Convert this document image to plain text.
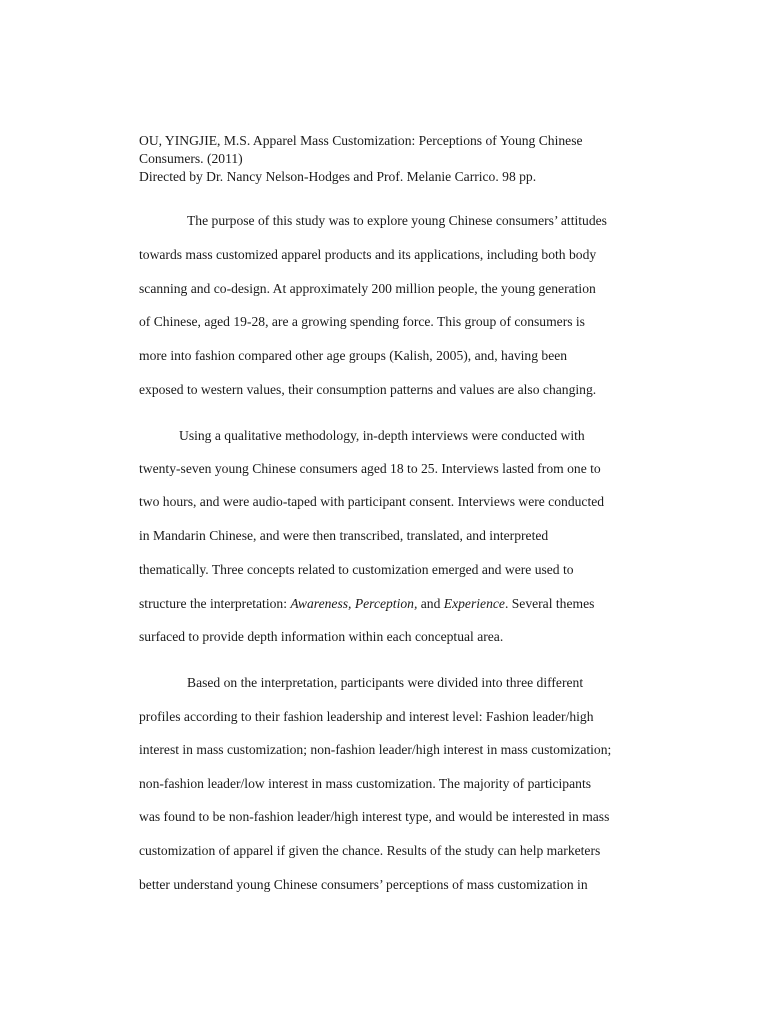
OU, YINGJIE, M.S. Apparel Mass Customization: Perceptions of Young Chinese
Consumers. (2011)
Directed by Dr. Nancy Nelson-Hodges and Prof. Melanie Carrico. 98 pp.
The purpose of this study was to explore young Chinese consumers’ attitudes
towards mass customized apparel products and its applications, including both body
scanning and co-design. At approximately 200 million people, the young generation
of Chinese, aged 19-28, are a growing spending force. This group of consumers is
more into fashion compared other age groups (Kalish, 2005), and, having been
exposed to western values, their consumption patterns and values are also changing.
Using a qualitative methodology, in-depth interviews were conducted with
twenty-seven young Chinese consumers aged 18 to 25. Interviews lasted from one to
two hours, and were audio-taped with participant consent. Interviews were conducted
in Mandarin Chinese, and were then transcribed, translated, and interpreted
thematically. Three concepts related to customization emerged and were used to
structure the interpretation: Awareness, Perception, and Experience. Several themes
surfaced to provide depth information within each conceptual area.
Based on the interpretation, participants were divided into three different
profiles according to their fashion leadership and interest level: Fashion leader/high
interest in mass customization; non-fashion leader/high interest in mass customization;
non-fashion leader/low interest in mass customization. The majority of participants
was found to be non-fashion leader/high interest type, and would be interested in mass
customization of apparel if given the chance. Results of the study can help marketers
better understand young Chinese consumers’ perceptions of mass customization in
